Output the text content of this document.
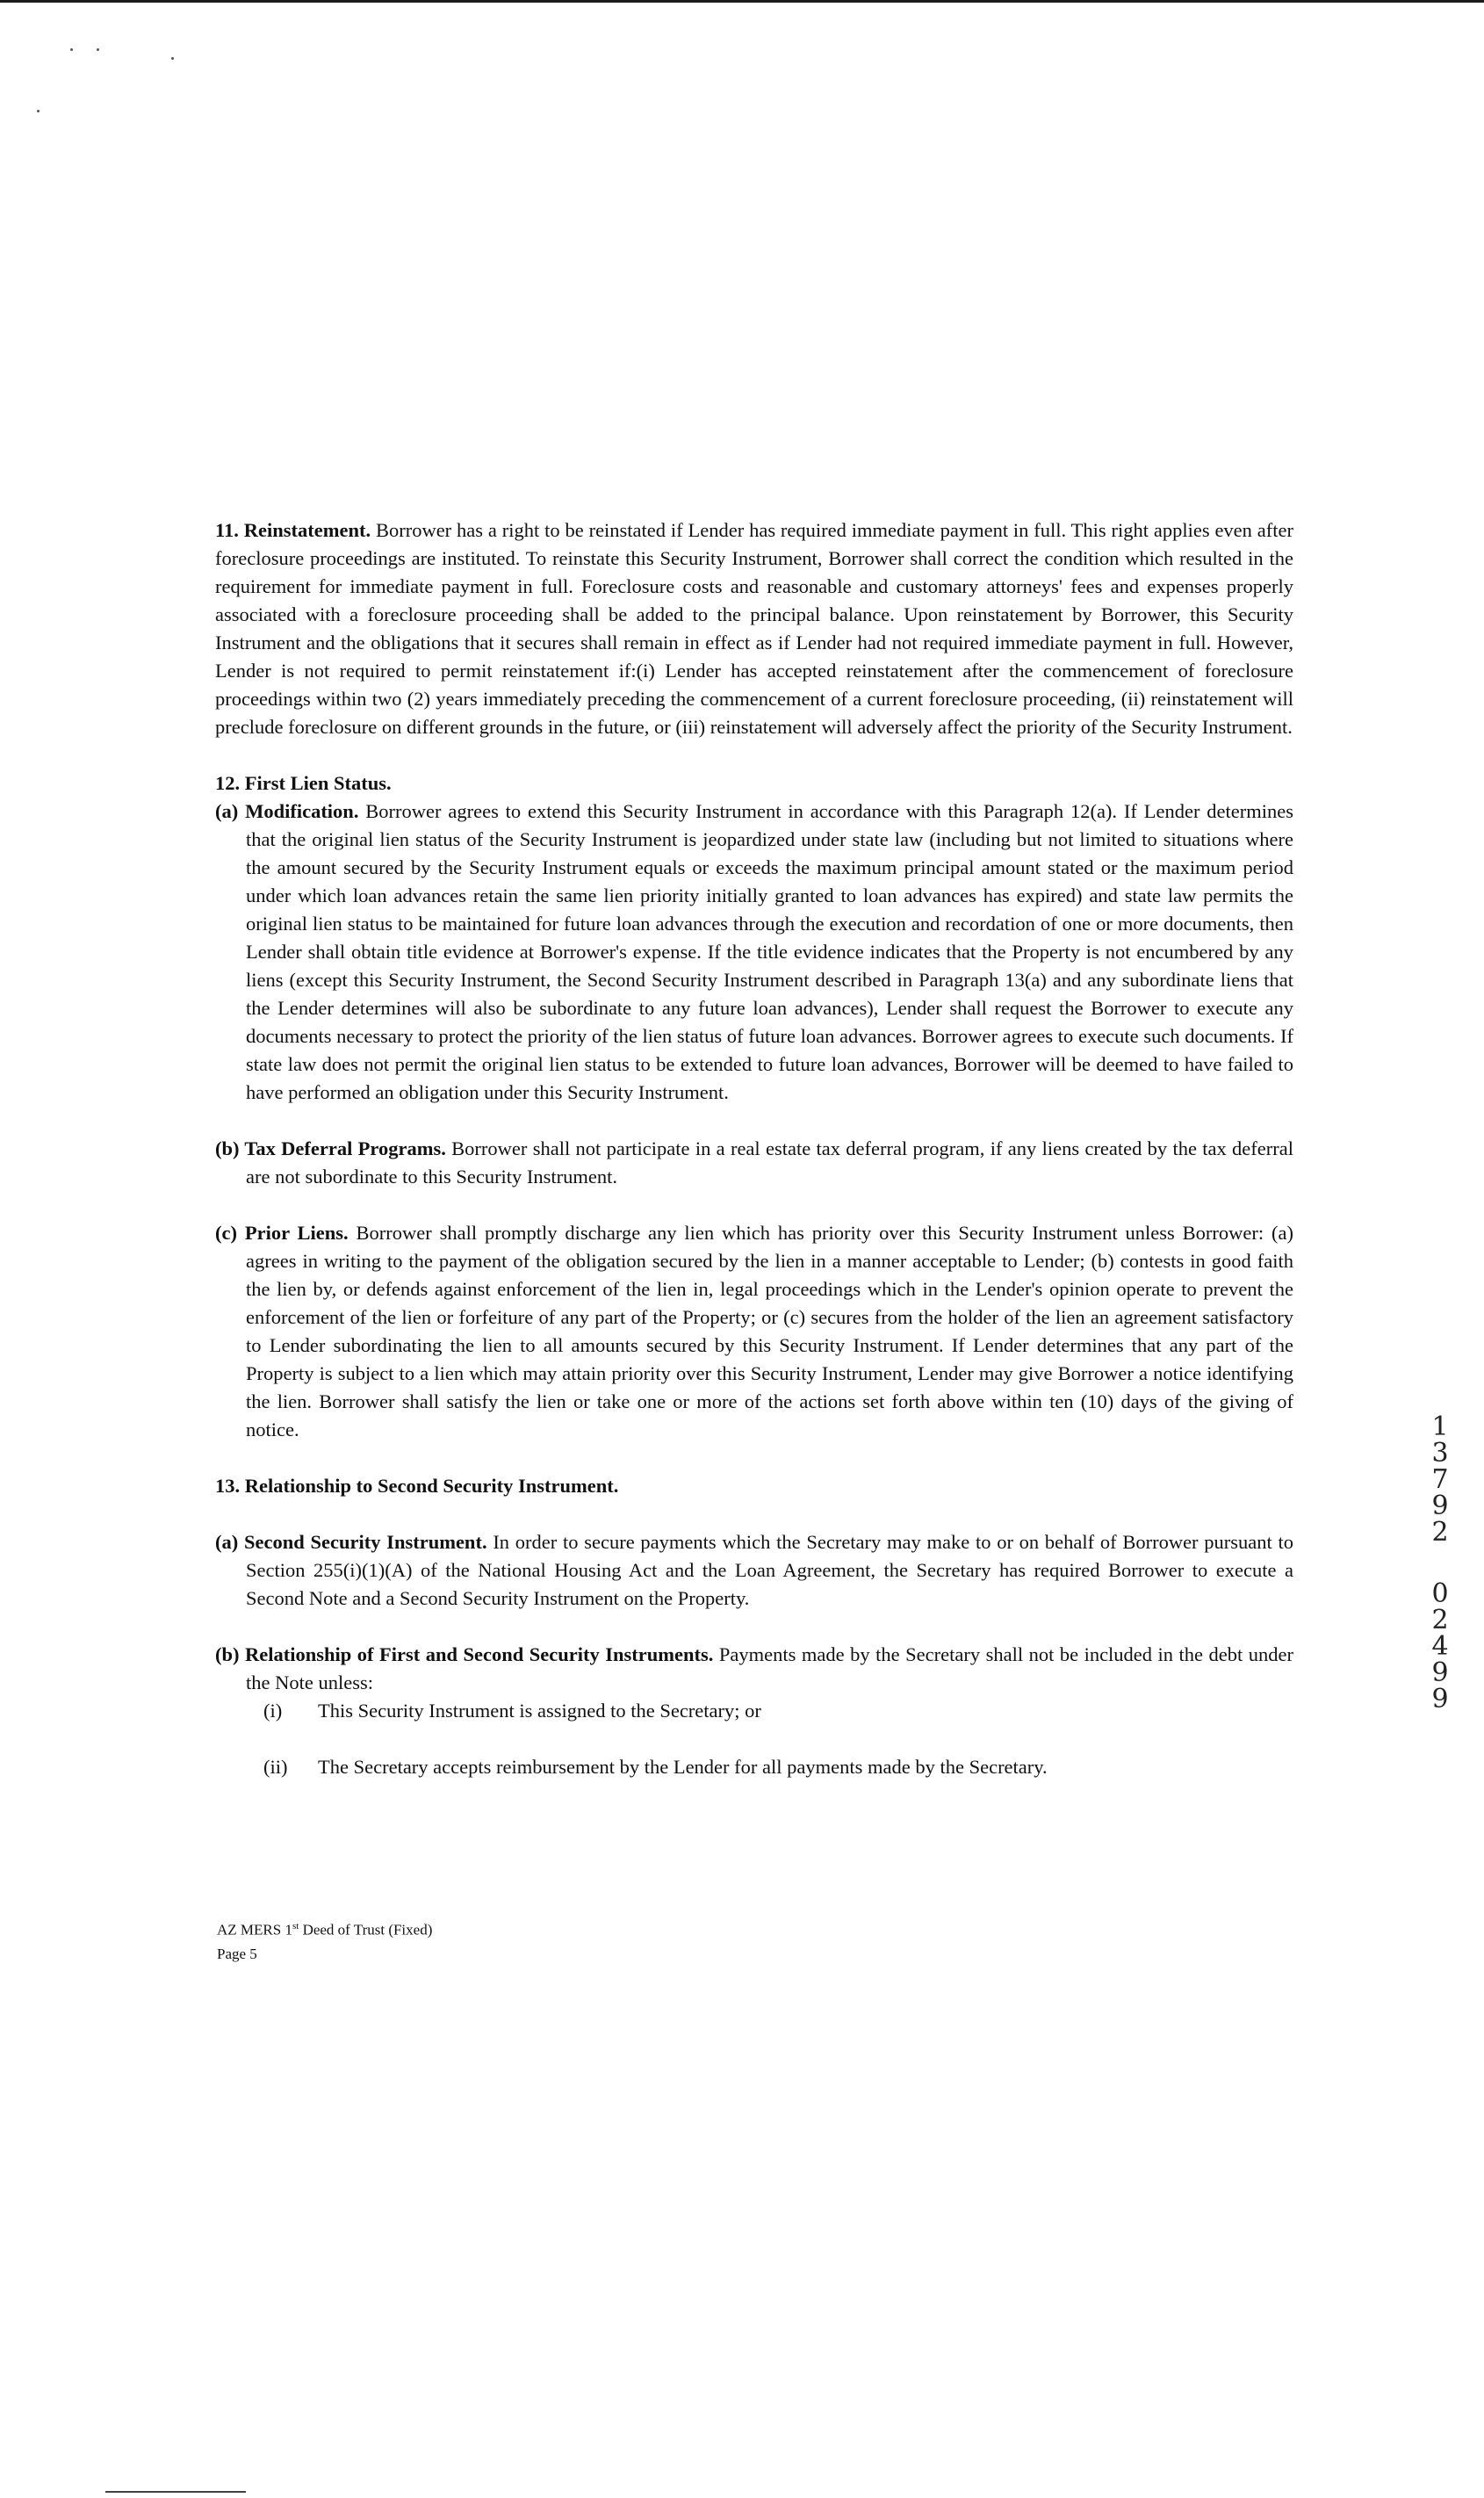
11. Reinstatement. Borrower has a right to be reinstated if Lender has required immediate payment in full. This right applies even after foreclosure proceedings are instituted. To reinstate this Security Instrument, Borrower shall correct the condition which resulted in the requirement for immediate payment in full. Foreclosure costs and reasonable and customary attorneys' fees and expenses properly associated with a foreclosure proceeding shall be added to the principal balance. Upon reinstatement by Borrower, this Security Instrument and the obligations that it secures shall remain in effect as if Lender had not required immediate payment in full. However, Lender is not required to permit reinstatement if:(i) Lender has accepted reinstatement after the commencement of foreclosure proceedings within two (2) years immediately preceding the commencement of a current foreclosure proceeding, (ii) reinstatement will preclude foreclosure on different grounds in the future, or (iii) reinstatement will adversely affect the priority of the Security Instrument.

12. First Lien Status.

(a) Modification. Borrower agrees to extend this Security Instrument in accordance with this Paragraph 12(a). If Lender determines that the original lien status of the Security Instrument is jeopardized under state law (including but not limited to situations where the amount secured by the Security Instrument equals or exceeds the maximum principal amount stated or the maximum period under which loan advances retain the same lien priority initially granted to loan advances has expired) and state law permits the original lien status to be maintained for future loan advances through the execution and recordation of one or more documents, then Lender shall obtain title evidence at Borrower's expense. If the title evidence indicates that the Property is not encumbered by any liens (except this Security Instrument, the Second Security Instrument described in Paragraph 13(a) and any subordinate liens that the Lender determines will also be subordinate to any future loan advances), Lender shall request the Borrower to execute any documents necessary to protect the priority of the lien status of future loan advances. Borrower agrees to execute such documents. If state law does not permit the original lien status to be extended to future loan advances, Borrower will be deemed to have failed to have performed an obligation under this Security Instrument.

(b) Tax Deferral Programs. Borrower shall not participate in a real estate tax deferral program, if any liens created by the tax deferral are not subordinate to this Security Instrument.

(c) Prior Liens. Borrower shall promptly discharge any lien which has priority over this Security Instrument unless Borrower: (a) agrees in writing to the payment of the obligation secured by the lien in a manner acceptable to Lender; (b) contests in good faith the lien by, or defends against enforcement of the lien in, legal proceedings which in the Lender's opinion operate to prevent the enforcement of the lien or forfeiture of any part of the Property; or (c) secures from the holder of the lien an agreement satisfactory to Lender subordinating the lien to all amounts secured by this Security Instrument. If Lender determines that any part of the Property is subject to a lien which may attain priority over this Security Instrument, Lender may give Borrower a notice identifying the lien. Borrower shall satisfy the lien or take one or more of the actions set forth above within ten (10) days of the giving of notice.

13. Relationship to Second Security Instrument.

(a) Second Security Instrument. In order to secure payments which the Secretary may make to or on behalf of Borrower pursuant to Section 255(i)(1)(A) of the National Housing Act and the Loan Agreement, the Secretary has required Borrower to execute a Second Note and a Second Security Instrument on the Property.

(b) Relationship of First and Second Security Instruments. Payments made by the Secretary shall not be included in the debt under the Note unless:

(i)	This Security Instrument is assigned to the Secretary; or
(ii)	The Secretary accepts reimbursement by the Lender for all payments made by the Secretary.
AZ MERS 1st Deed of Trust (Fixed)
Page 5
1
3
7
9
2
0
2
4
9
9
